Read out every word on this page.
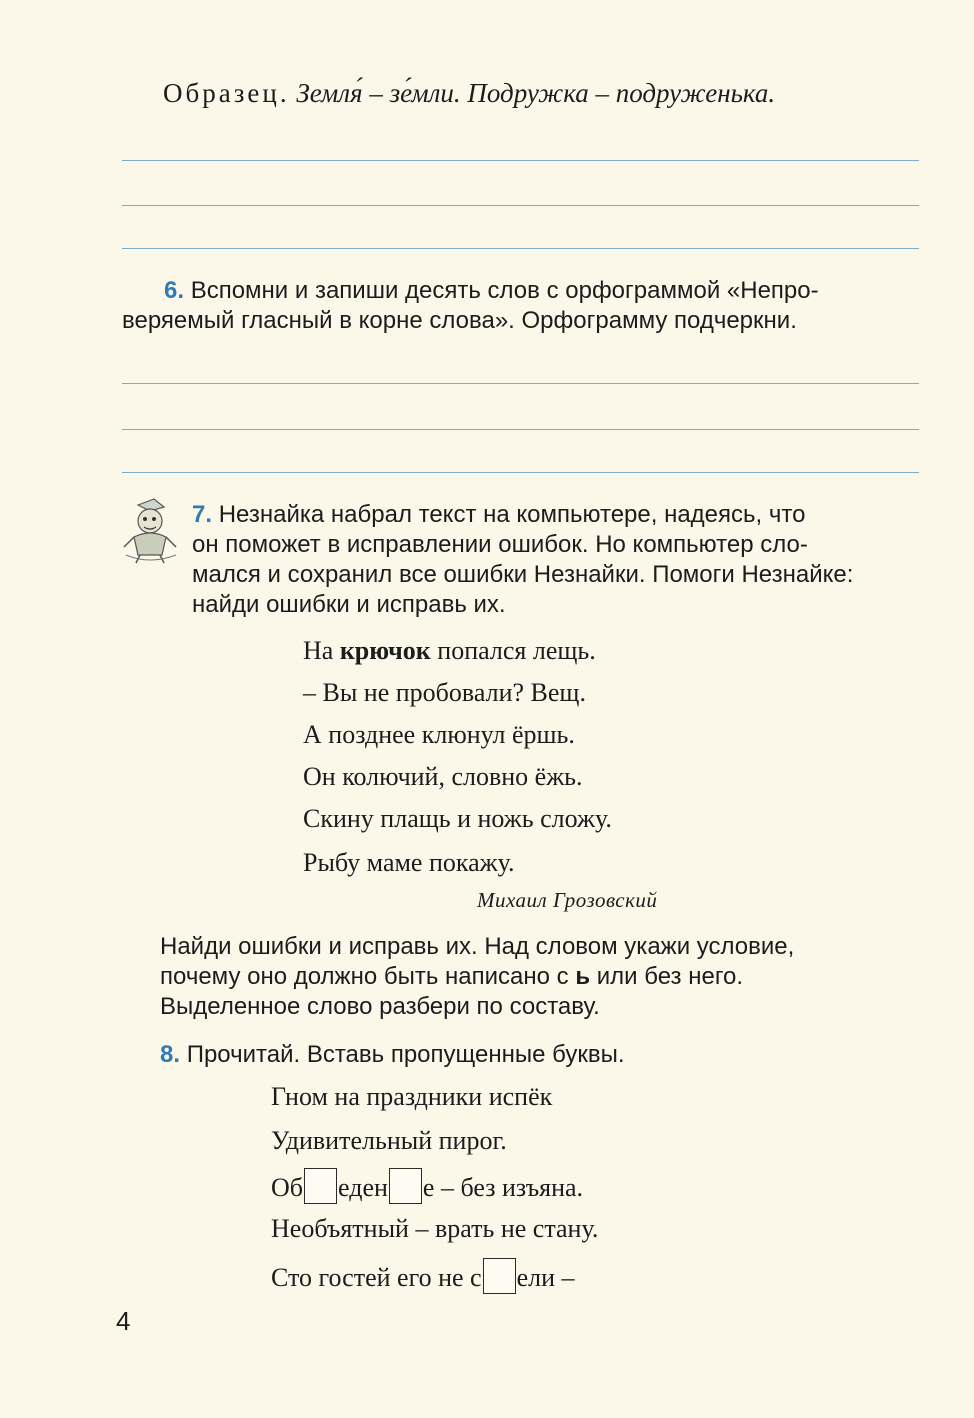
Образец. Земля́ – зе́мли. Подружка – подруженька.
6. Вспомни и запиши десять слов с орфограммой «Непро-
веряемый гласный в корне слова». Орфограмму подчеркни.
7. Незнайка набрал текст на компьютере, надеясь, что
он поможет в исправлении ошибок. Но компьютер сло-
мался и сохранил все ошибки Незнайки. Помоги Незнайке:
найди ошибки и исправь их.
На крючок попался лещь.
– Вы не пробовали? Вещ.
А позднее клюнул ёршь.
Он колючий, словно ёжь.
Скину плащь и ножь сложу.
Рыбу маме покажу.
Михаил Грозовский
Найди ошибки и исправь их. Над словом укажи условие,
почему оно должно быть написано с ь или без него.
Выделенное слово разбери по составу.
8. Прочитай. Вставь пропущенные буквы.
Гном на праздники испёк
Удивительный пирог.
Об еден е – без изъяна.
Необъятный – врать не стану.
Сто гостей его не с ели –
4
